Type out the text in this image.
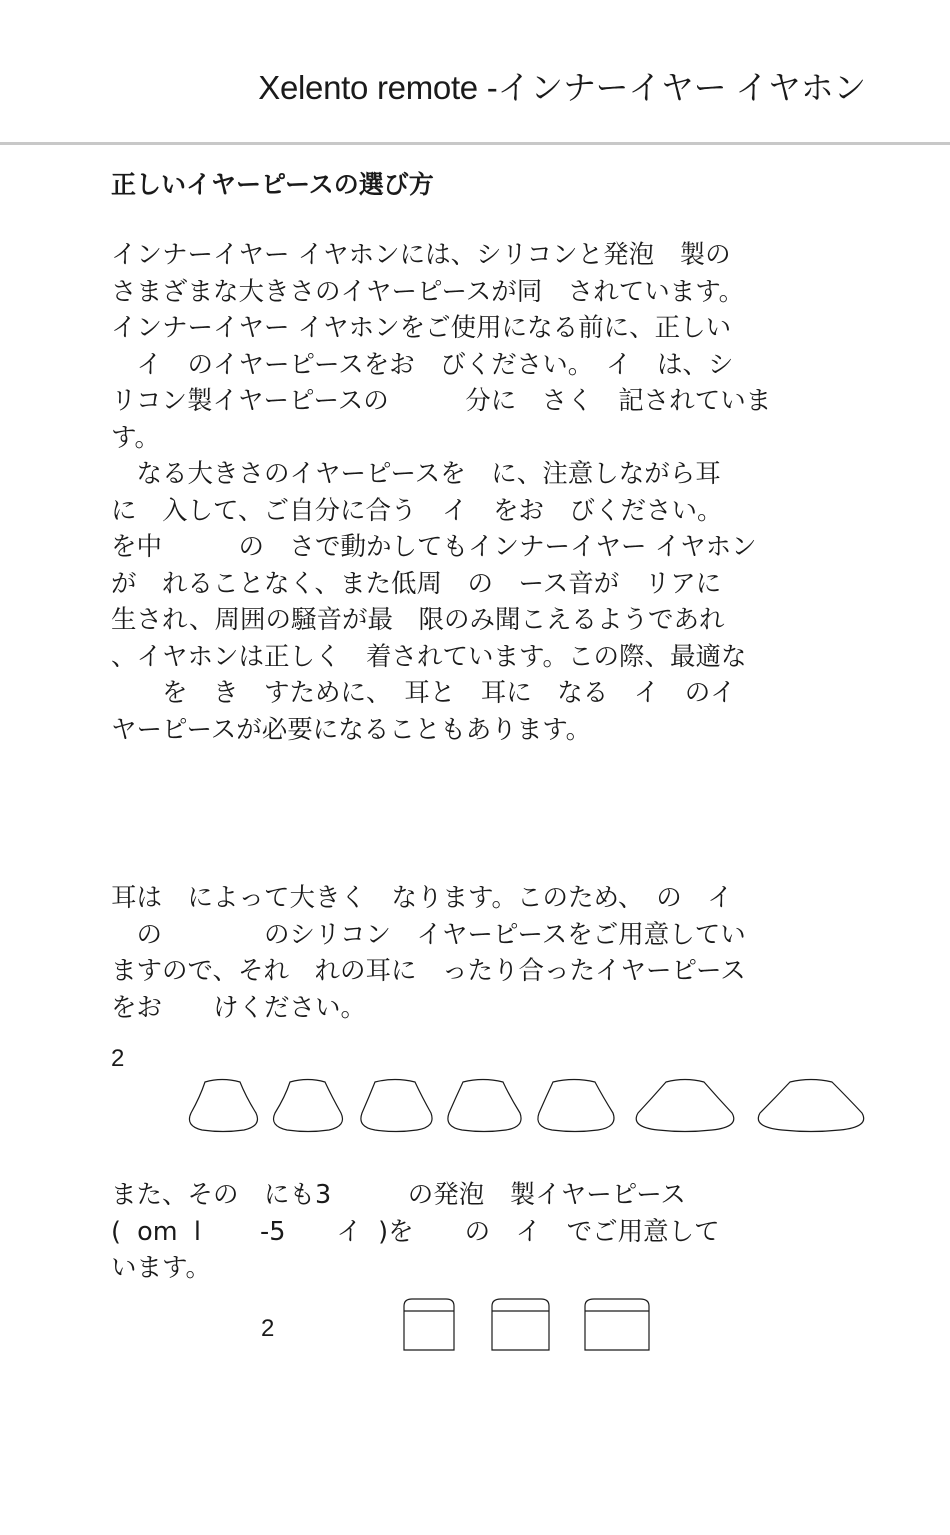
Xelento remote -インナーイヤー イヤホン
正しいイヤーピースの選び方
インナーイヤー イヤホンには、シリコンと発泡　製の
さまざまな大きさのイヤーピースが同　されています。
インナーイヤー イヤホンをご使用になる前に、正しい
　イ　のイヤーピースをお　びください。　イ　は、シ
リコン製イヤーピースの　　　分に　さく　記されていま
す。
　なる大きさのイヤーピースを　に、注意しながら耳
に　入して、ご自分に合う　イ　をお　びください。
を中　　　の　さで動かしてもインナーイヤー イヤホン
が　れることなく、また低周　の　ース音が　リアに
生され、周囲の騒音が最　限のみ聞こえるようであれ
、イヤホンは正しく　着されています。この際、最適な
　　を　き　すために、　耳と　耳に　なる　イ　のイ
ヤーピースが必要になることもあります。
耳は　によって大きく　なります。このため、　の　イ
　の　　　　のシリコン　イヤーピースをご用意してい
ますので、それ　れの耳に　ったり合ったイヤーピース
をお　　けください。
2
また、その　にも3　　　の発泡　製イヤーピース
(  om  l　　 -5　　イ  )を　　の　イ　でご用意して
います。
2
